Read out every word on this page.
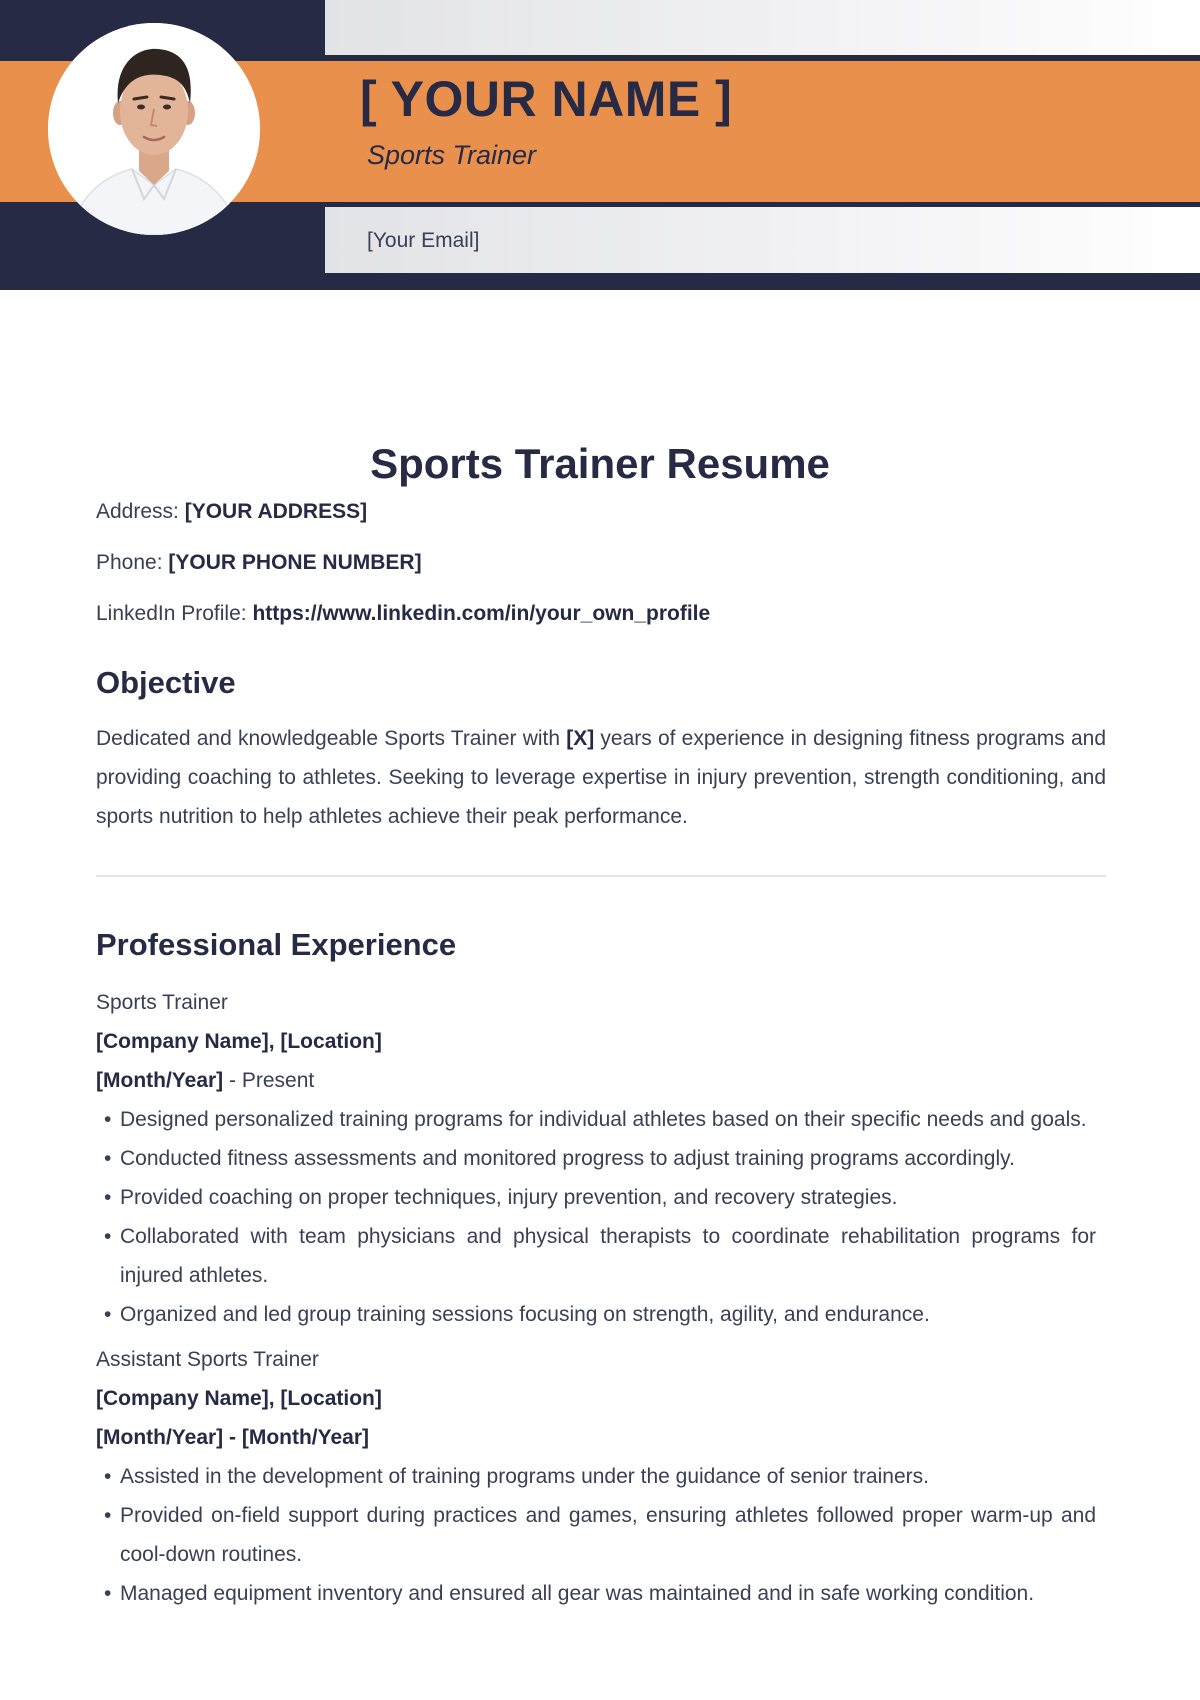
[ YOUR NAME ]
Sports Trainer
[Your Email]
Sports Trainer Resume

Address: [YOUR ADDRESS]

Phone: [YOUR PHONE NUMBER]

LinkedIn Profile: https://www.linkedin.com/in/your_own_profile

Objective

Dedicated and knowledgeable Sports Trainer with [X] years of experience in designing fitness programs and providing coaching to athletes. Seeking to leverage expertise in injury prevention, strength conditioning, and sports nutrition to help athletes achieve their peak performance.

Professional Experience

Sports Trainer

[Company Name], [Location]

[Month/Year] - Present

• Designed personalized training programs for individual athletes based on their specific needs and goals.
• Conducted fitness assessments and monitored progress to adjust training programs accordingly.
• Provided coaching on proper techniques, injury prevention, and recovery strategies.
• Collaborated with team physicians and physical therapists to coordinate rehabilitation programs for injured athletes.
• Organized and led group training sessions focusing on strength, agility, and endurance.

Assistant Sports Trainer

[Company Name], [Location]

[Month/Year] - [Month/Year]

• Assisted in the development of training programs under the guidance of senior trainers.
• Provided on-field support during practices and games, ensuring athletes followed proper warm-up and cool-down routines.
• Managed equipment inventory and ensured all gear was maintained and in safe working condition.
